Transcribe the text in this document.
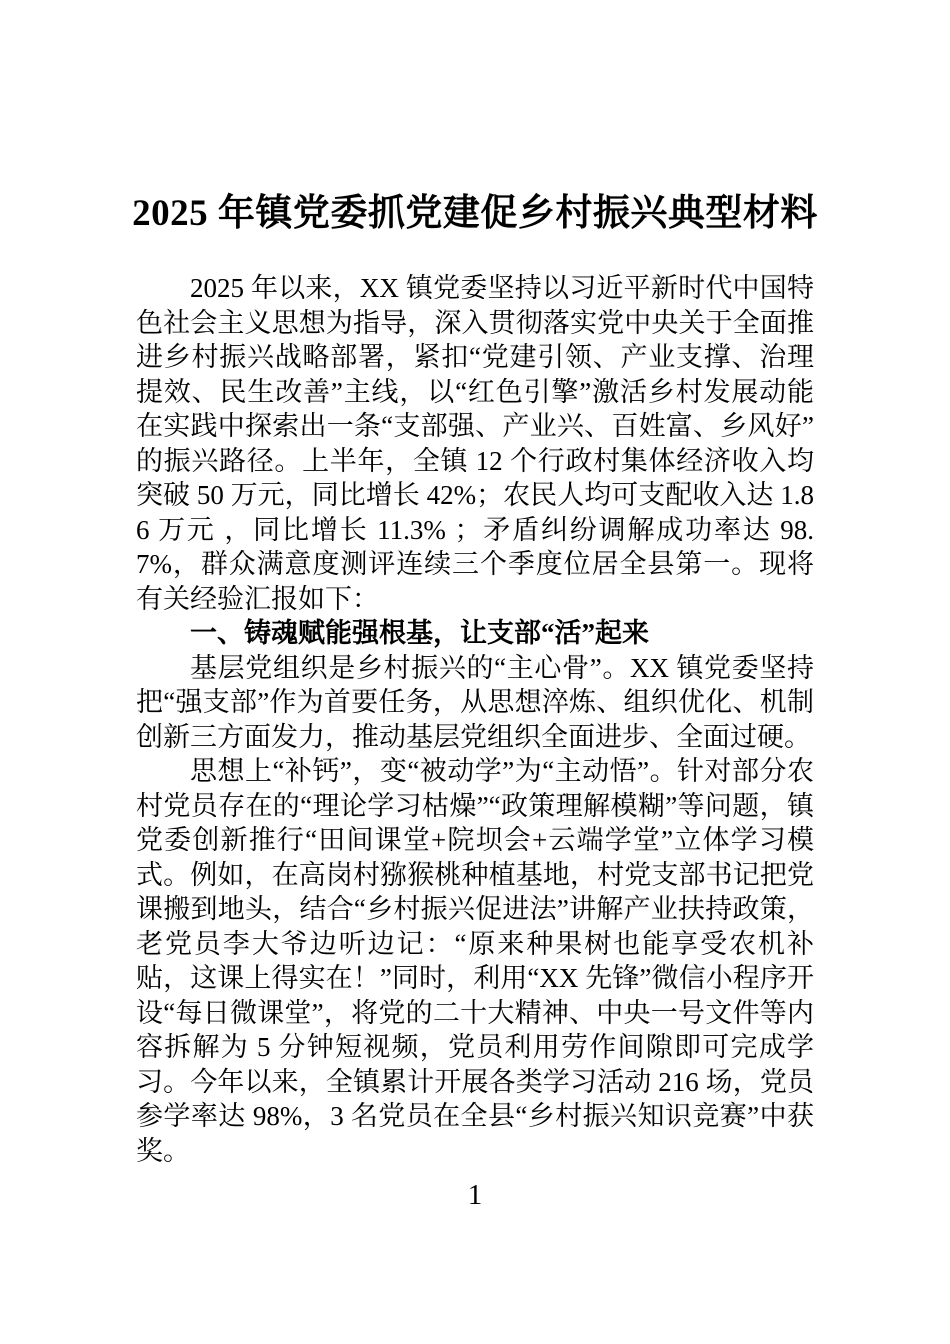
2025 年镇党委抓党建促乡村振兴典型材料

2025 年以来，XX 镇党委坚持以习近平新时代中国特色社会主义思想为指导，深入贯彻落实党中央关于全面推进乡村振兴战略部署，紧扣“党建引领、产业支撑、治理提效、民生改善”主线，以“红色引擎”激活乡村发展动能在实践中探索出一条“支部强、产业兴、百姓富、乡风好”的振兴路径。上半年，全镇 12 个行政村集体经济收入均突破 50 万元，同比增长 42%；农民人均可支配收入达 1.86 万元 ，同比增长 11.3% ；矛盾纠纷调解成功率达 98.7%，群众满意度测评连续三个季度位居全县第一。现将有关经验汇报如下：

一、铸魂赋能强根基，让支部“活”起来

基层党组织是乡村振兴的“主心骨”。XX 镇党委坚持把“强支部”作为首要任务，从思想淬炼、组织优化、机制创新三方面发力，推动基层党组织全面进步、全面过硬。

思想上“补钙”，变“被动学”为“主动悟”。针对部分农村党员存在的“理论学习枯燥”“政策理解模糊”等问题，镇党委创新推行“田间课堂+院坝会+云端学堂”立体学习模式。例如，在高岗村猕猴桃种植基地，村党支部书记把党课搬到地头，结合“乡村振兴促进法”讲解产业扶持政策，老党员李大爷边听边记：“原来种果树也能享受农机补贴，这课上得实在！”同时，利用“XX 先锋”微信小程序开设“每日微课堂”，将党的二十大精神、中央一号文件等内容拆解为 5 分钟短视频，党员利用劳作间隙即可完成学习。今年以来，全镇累计开展各类学习活动 216 场，党员参学率达 98%，3 名党员在全县“乡村振兴知识竞赛”中获奖。

1
